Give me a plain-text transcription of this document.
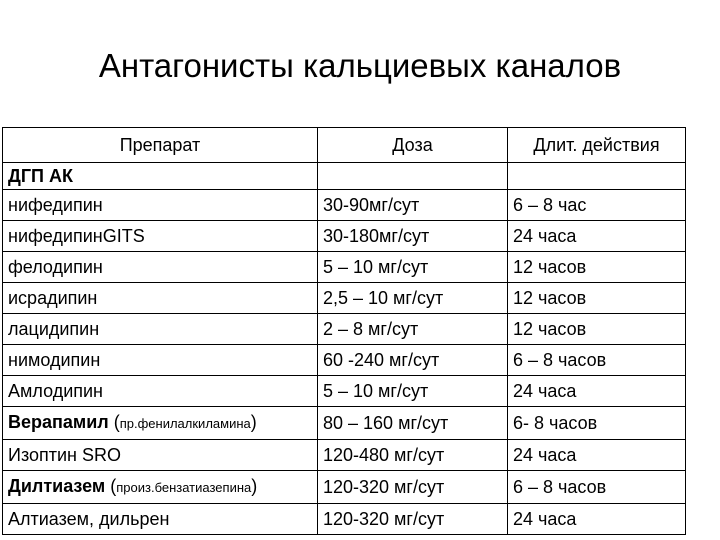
Антагонисты кальциевых каналов
Препарат	Доза	Длит. действия
ДГП АК		
нифедипин	30-90мг/сут	6 – 8 час
нифедипинGITS	30-180мг/сут	24 часа
фелодипин	5 – 10 мг/сут	12 часов
исрадипин	2,5 – 10 мг/сут	12 часов
лацидипин	2 – 8 мг/сут	12 часов
нимодипин	60 -240 мг/сут	6 – 8 часов
Амлодипин	5 – 10 мг/сут	24 часа
Верапамил (пр.фенилалкиламина)	80 – 160 мг/сут	6- 8 часов
Изоптин SRO	120-480 мг/сут	24 часа
Дилтиазем (произ.бензатиазепина)	120-320 мг/сут	6 – 8 часов
Алтиазем, дильрен	120-320 мг/сут	24 часа
